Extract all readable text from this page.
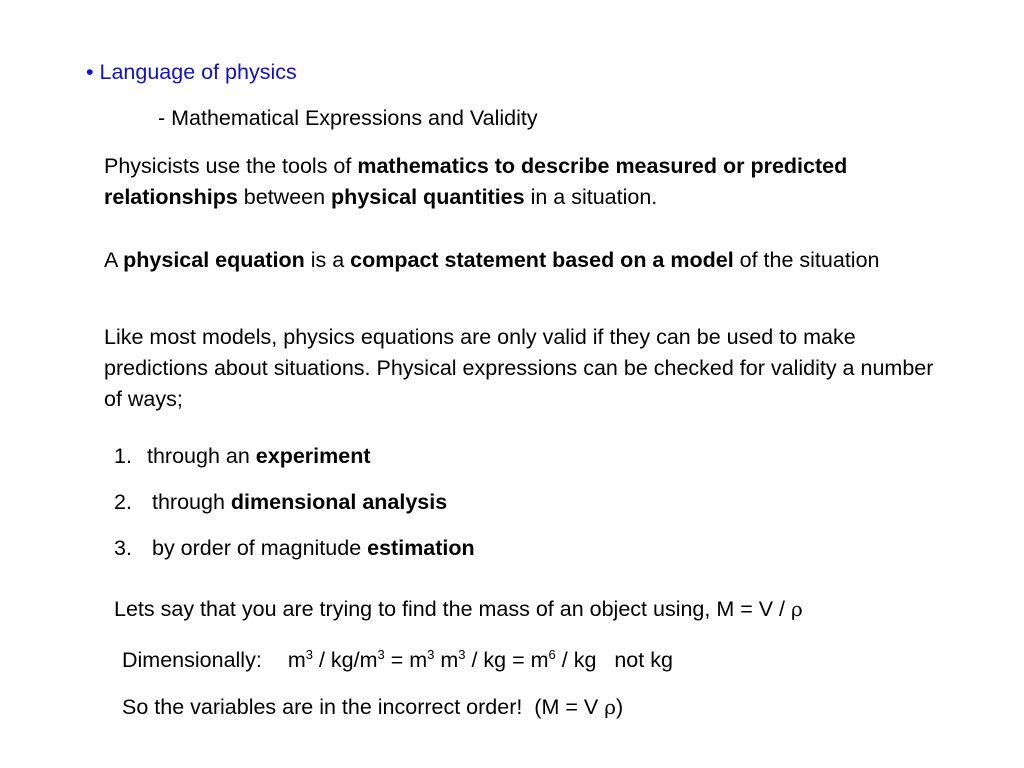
• Language of physics
- Mathematical Expressions and Validity
Physicists use the tools of mathematics to describe measured or predicted relationships between physical quantities in a situation.
A physical equation is a compact statement based on a model of the situation
Like most models, physics equations are only valid if they can be used to make predictions about situations. Physical expressions can be checked for validity a number of ways;
1. through an experiment
2. through dimensional analysis
3. by order of magnitude estimation
Lets say that you are trying to find the mass of an object using, M = V / ρ
Dimensionally: $m^3 / kg/m^3 = m^3$ $m^3$ / kg = $m^6$ / kg   not kg
So the variables are in the incorrect order!  (M = V ρ)
